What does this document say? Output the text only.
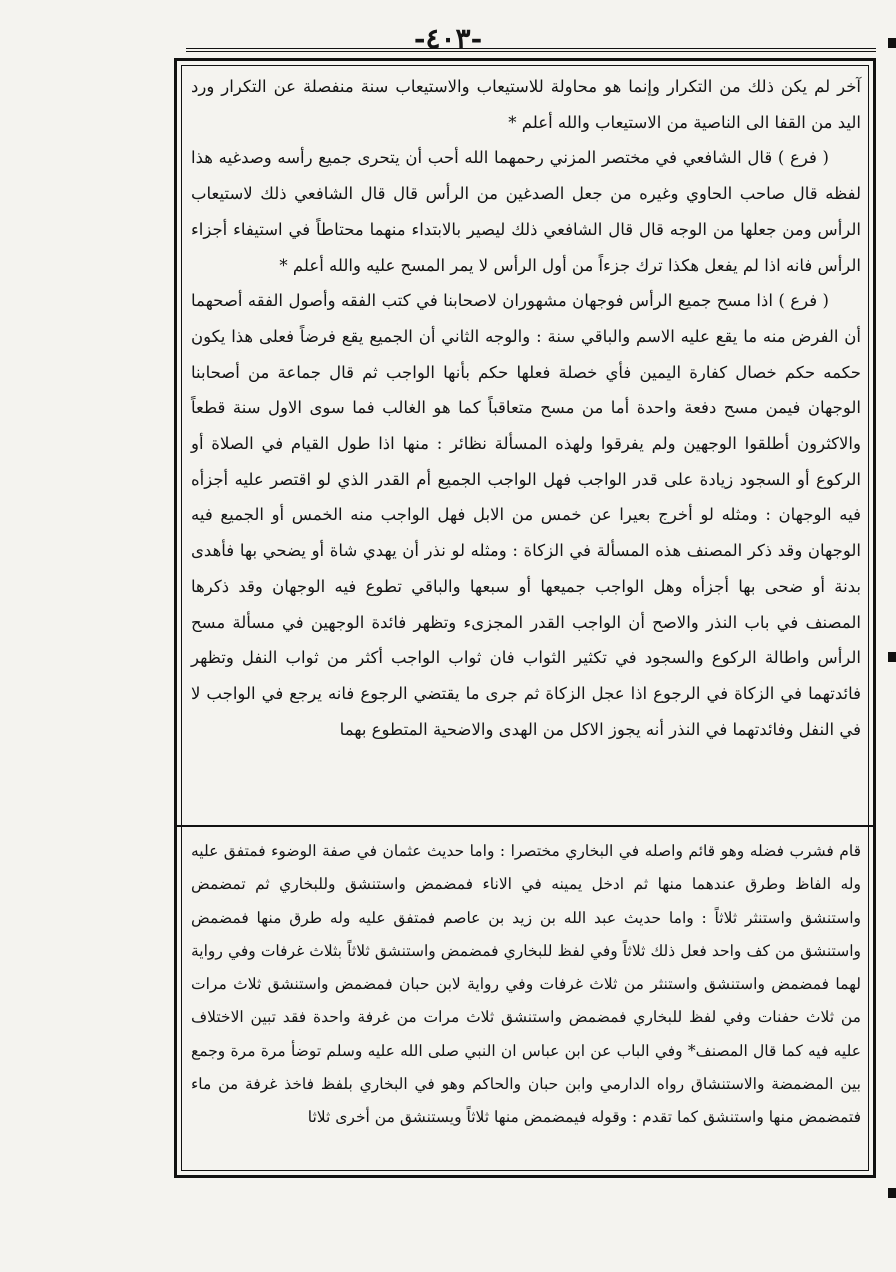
-٤٠٣-

آخر لم يكن ذلك من التكرار وإنما هو محاولة للاستيعاب والاستيعاب سنة منفصلة عن التكرار ورد اليد من القفا الى الناصية من الاستيعاب والله أعلم *

( فرع ) قال الشافعي في مختصر المزني رحمهما الله أحب أن يتحرى جميع رأسه وصدغيه هذا لفظه قال صاحب الحاوي وغيره من جعل الصدغين من الرأس قال قال الشافعي ذلك لاستيعاب الرأس ومن جعلها من الوجه قال قال الشافعي ذلك ليصير بالابتداء منهما محتاطاً في استيفاء أجزاء الرأس فانه اذا لم يفعل هكذا ترك جزءاً من أول الرأس لا يمر المسح عليه والله أعلم *

( فرع ) اذا مسح جميع الرأس فوجهان مشهوران لاصحابنا في كتب الفقه وأصول الفقه أصحهما أن الفرض منه ما يقع عليه الاسم والباقي سنة : والوجه الثاني أن الجميع يقع فرضاً فعلى هذا يكون حكمه حكم خصال كفارة اليمين فأي خصلة فعلها حكم بأنها الواجب ثم قال جماعة من أصحابنا الوجهان فيمن مسح دفعة واحدة أما من مسح متعاقباً كما هو الغالب فما سوى الاول سنة قطعاً والاكثرون أطلقوا الوجهين ولم يفرقوا ولهذه المسألة نظائر : منها اذا طول القيام في الصلاة أو الركوع أو السجود زيادة على قدر الواجب فهل الواجب الجميع أم القدر الذي لو اقتصر عليه أجزأه فيه الوجهان : ومثله لو أخرج بعيرا عن خمس من الابل فهل الواجب منه الخمس أو الجميع فيه الوجهان وقد ذكر المصنف هذه المسألة في الزكاة : ومثله لو نذر أن يهدي شاة أو يضحي بها فأهدى بدنة أو ضحى بها أجزأه وهل الواجب جميعها أو سبعها والباقي تطوع فيه الوجهان وقد ذكرها المصنف في باب النذر والاصح أن الواجب القدر المجزىء وتظهر فائدة الوجهين في مسألة مسح الرأس واطالة الركوع والسجود في تكثير الثواب فان ثواب الواجب أكثر من ثواب النفل وتظهر فائدتهما في الزكاة في الرجوع اذا عجل الزكاة ثم جرى ما يقتضي الرجوع فانه يرجع في الواجب لا في النفل وفائدتهما في النذر أنه يجوز الاكل من الهدى والاضحية المتطوع بهما

قام فشرب فضله وهو قائم واصله في البخاري مختصرا : واما حديث عثمان في صفة الوضوء فمتفق عليه وله الفاظ وطرق عندهما منها ثم ادخل يمينه في الاناء فمضمض واستنشق وللبخاري ثم تمضمض واستنشق واستنثر ثلاثاً : واما حديث عبد الله بن زيد بن عاصم فمتفق عليه وله طرق منها فمضمض واستنشق من كف واحد فعل ذلك ثلاثاً وفي لفظ للبخاري فمضمض واستنشق ثلاثاً بثلاث غرفات وفي رواية لهما فمضمض واستنشق واستنثر من ثلاث غرفات وفي رواية لابن حبان فمضمض واستنشق ثلاث مرات من ثلاث حفنات وفي لفظ للبخاري فمضمض واستنشق ثلاث مرات من غرفة واحدة فقد تبين الاختلاف عليه فيه كما قال المصنف* وفي الباب عن ابن عباس ان النبي صلى الله عليه وسلم توضأ مرة مرة وجمع بين المضمضة والاستنشاق رواه الدارمي وابن حبان والحاكم وهو في البخاري بلفظ فاخذ غرفة من ماء فتمضمض منها واستنشق كما تقدم : وقوله فيمضمض منها ثلاثاً ويستنشق من أخرى ثلاثا
